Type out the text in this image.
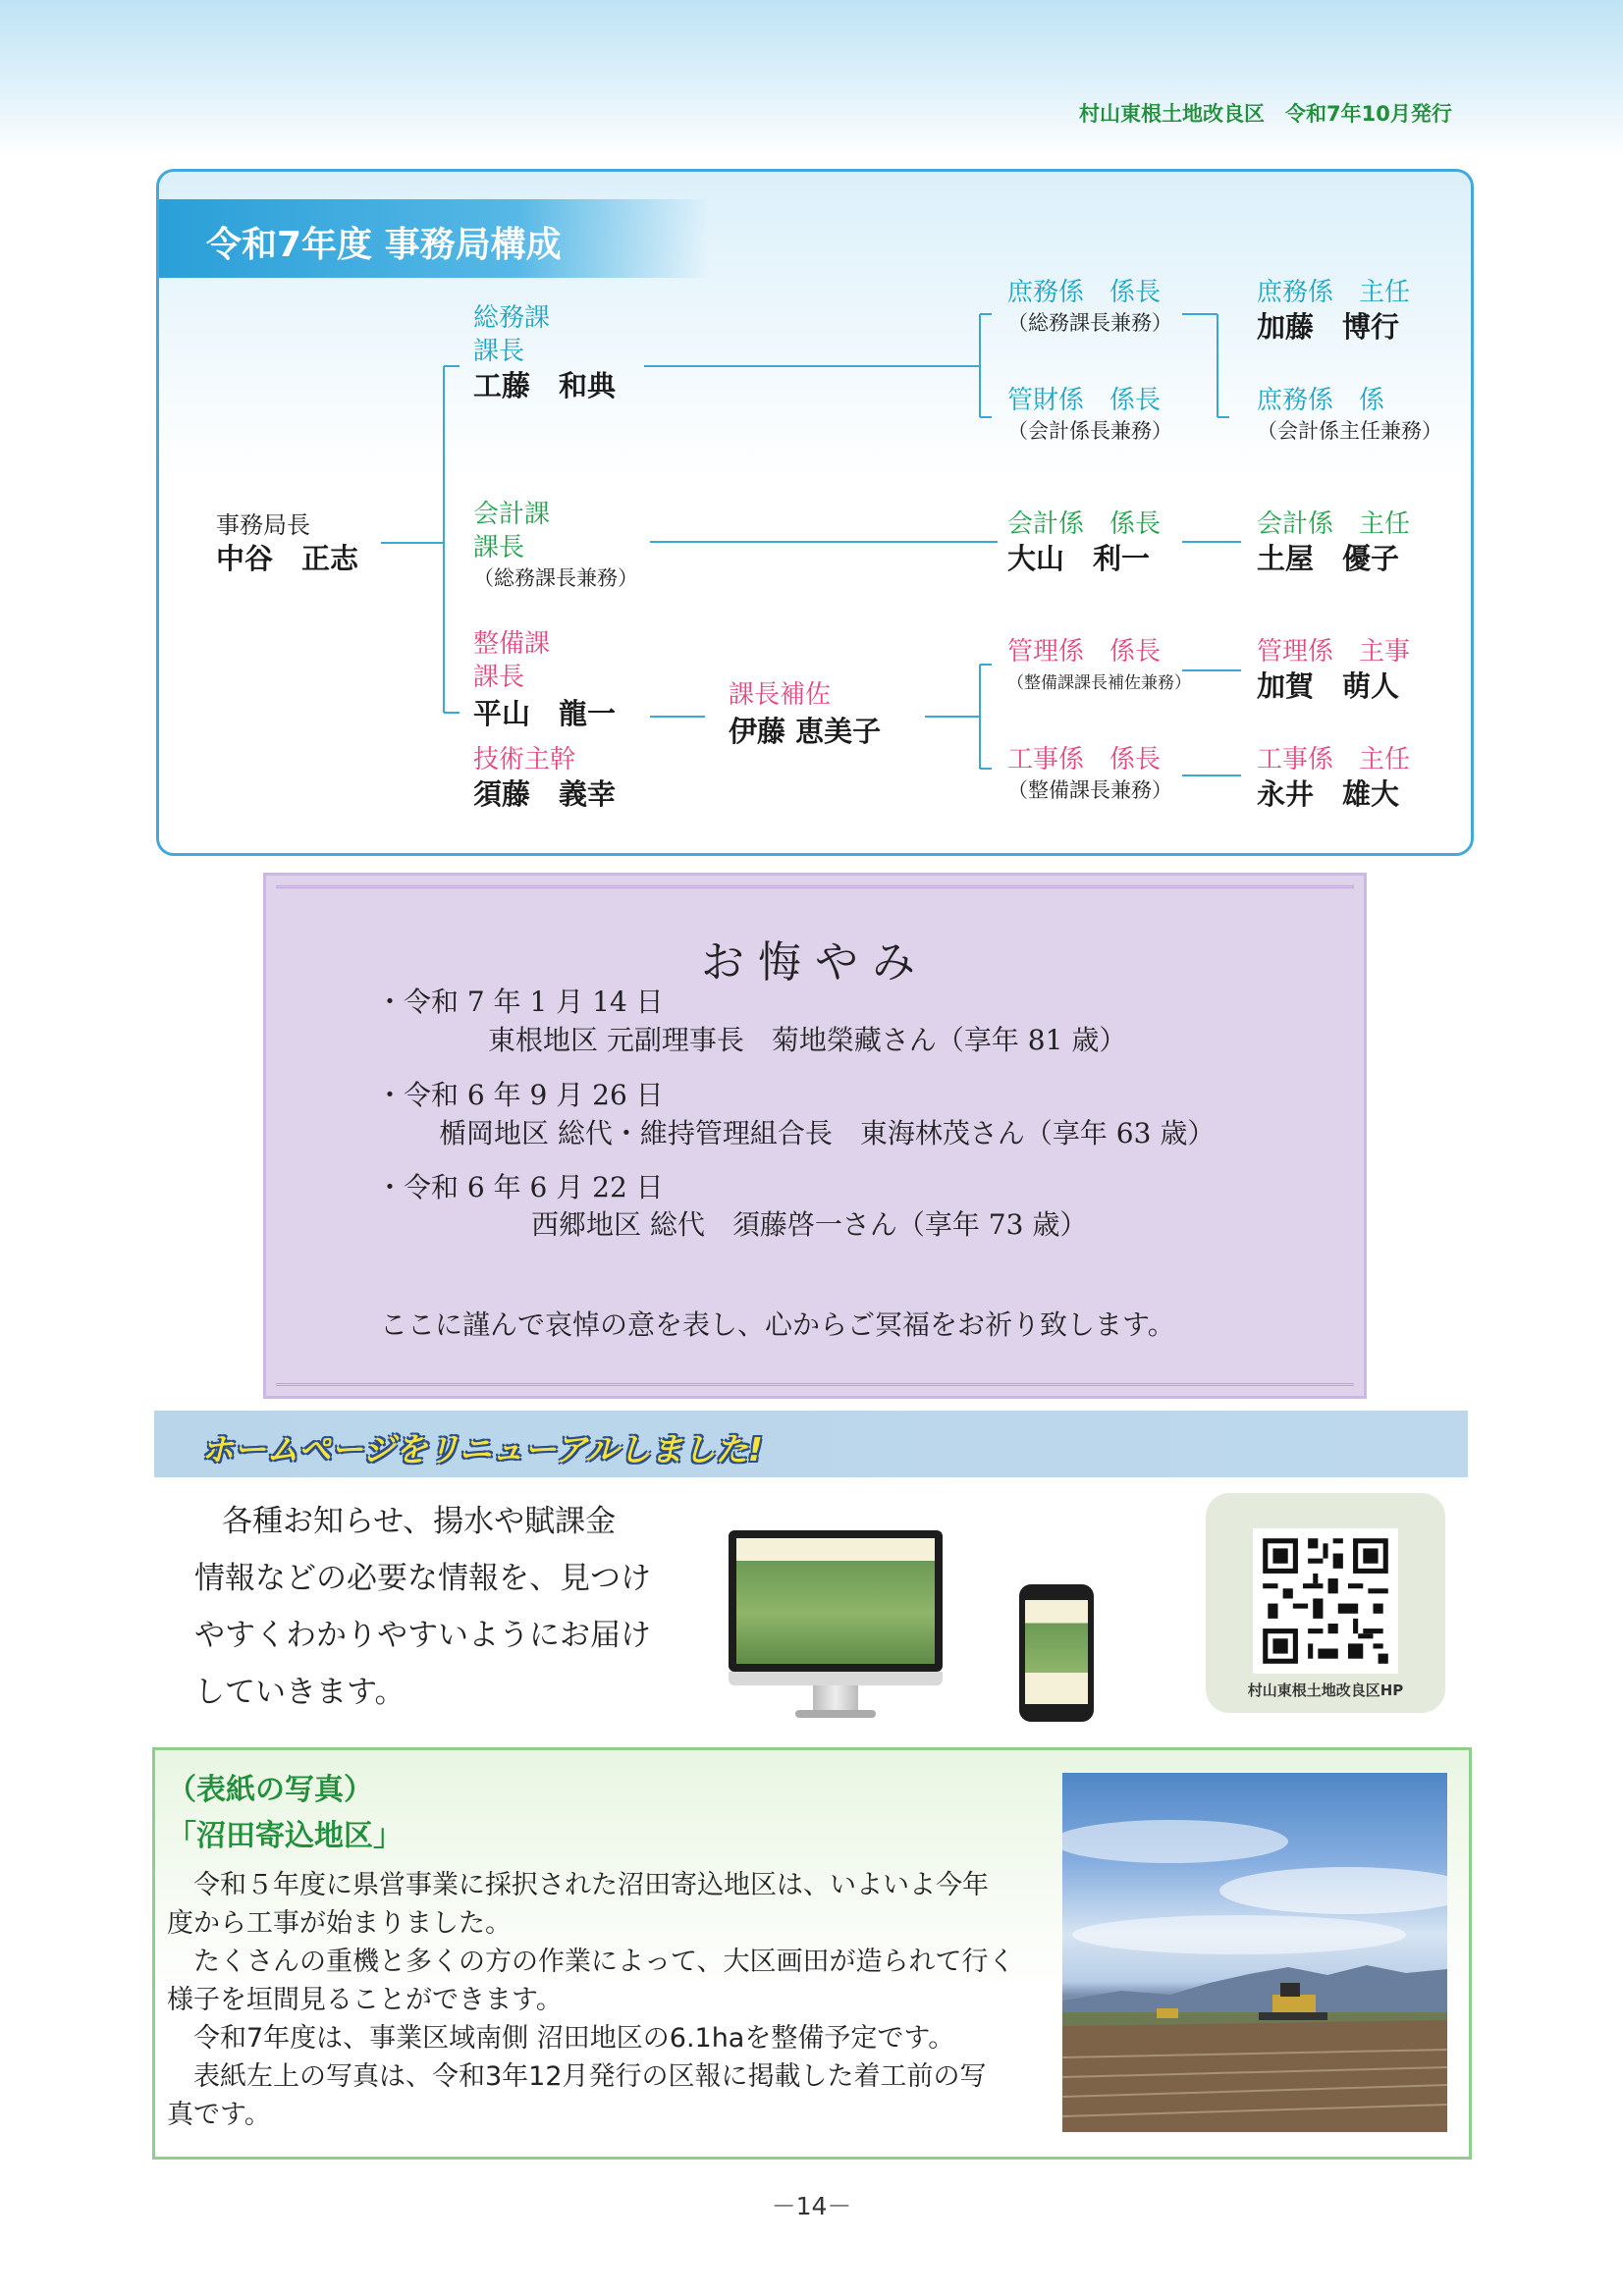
村山東根土地改良区　 令和7年10月発行
令和7年度 事務局構成
事務局長
中谷　正志
総務課
課長
工藤　和典
庶務係　係長
（総務課長兼務）
管財係　係長
（会計係長兼務）
庶務係　主任
加藤　博行
庶務係　係
（会計係主任兼務）
会計課
課長
（総務課長兼務）
会計係　係長
大山　利一
会計係　主任
土屋　優子
整備課
課長
平山　龍一
技術主幹
須藤　義幸
課長補佐
伊藤 恵美子
管理係　係長
（整備課課長補佐兼務）
工事係　係長
（整備課長兼務）
管理係　主事
加賀　萌人
工事係　主任
永井　雄大
お悔やみ
・令和 7 年 1 月 14 日
東根地区 元副理事長　菊地榮藏さん（享年 81 歳）
・令和 6 年 9 月 26 日
楯岡地区 総代・維持管理組合長　東海林茂さん（享年 63 歳）
・令和 6 年 6 月 22 日
西郷地区 総代　須藤啓一さん（享年 73 歳）
ここに謹んで哀悼の意を表し、心からご冥福をお祈り致します。
ホームページをリニューアルしました!
各種お知らせ、揚水や賦課金
情報などの必要な情報を、見つけ
やすくわかりやすいようにお届け
していきます。	村山東根土地改良区HP
（表紙の写真）
「沼田寄込地区」
　令和５年度に県営事業に採択された沼田寄込地区は、いよいよ今年
度から工事が始まりました。
　たくさんの重機と多くの方の作業によって、大区画田が造られて行く
様子を垣間見ることができます。
　令和7年度は、事業区域南側 沼田地区の6.1haを整備予定です。
　表紙左上の写真は、令和3年12月発行の区報に掲載した着工前の写
真です。
－14－
